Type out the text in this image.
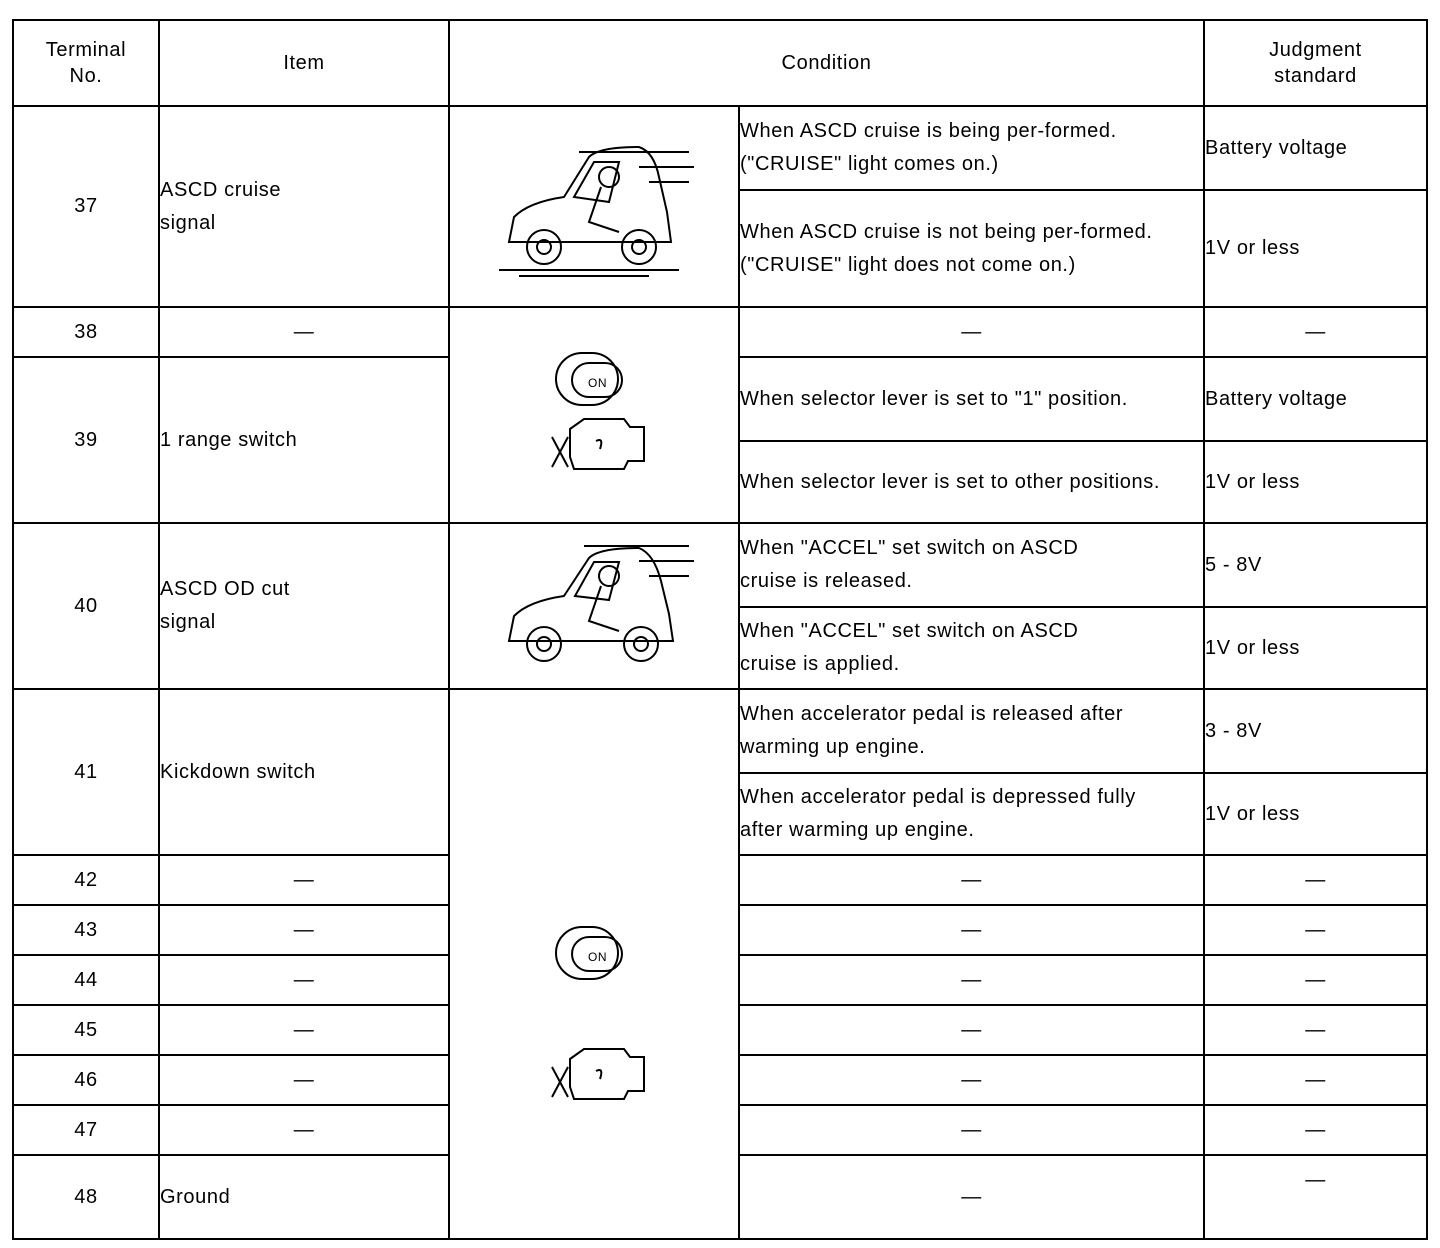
Terminal No.	Item	Condition		Judgment standard
37	ASCD cruise signal		When ASCD cruise is being per-formed. ("CRUISE" light comes on.)	Battery voltage
			When ASCD cruise is not being per-formed. ("CRUISE" light does not come on.)	1V or less
38	—	ON	—	—
39	1 range switch		When selector lever is set to "1" position.	Battery voltage
			When selector lever is set to other positions.	1V or less
40	ASCD OD cut signal		When "ACCEL" set switch on ASCD cruise is released.	5 - 8V
			When "ACCEL" set switch on ASCD cruise is applied.	1V or less
41	Kickdown switch	ON	When accelerator pedal is released after warming up engine.	3 - 8V
			When accelerator pedal is depressed fully after warming up engine.	1V or less
42	—		—	—
43	—		—	—
44	—		—	—
45	—		—	—
46	—		—	—
47	—		—	—
48	Ground		—	—
